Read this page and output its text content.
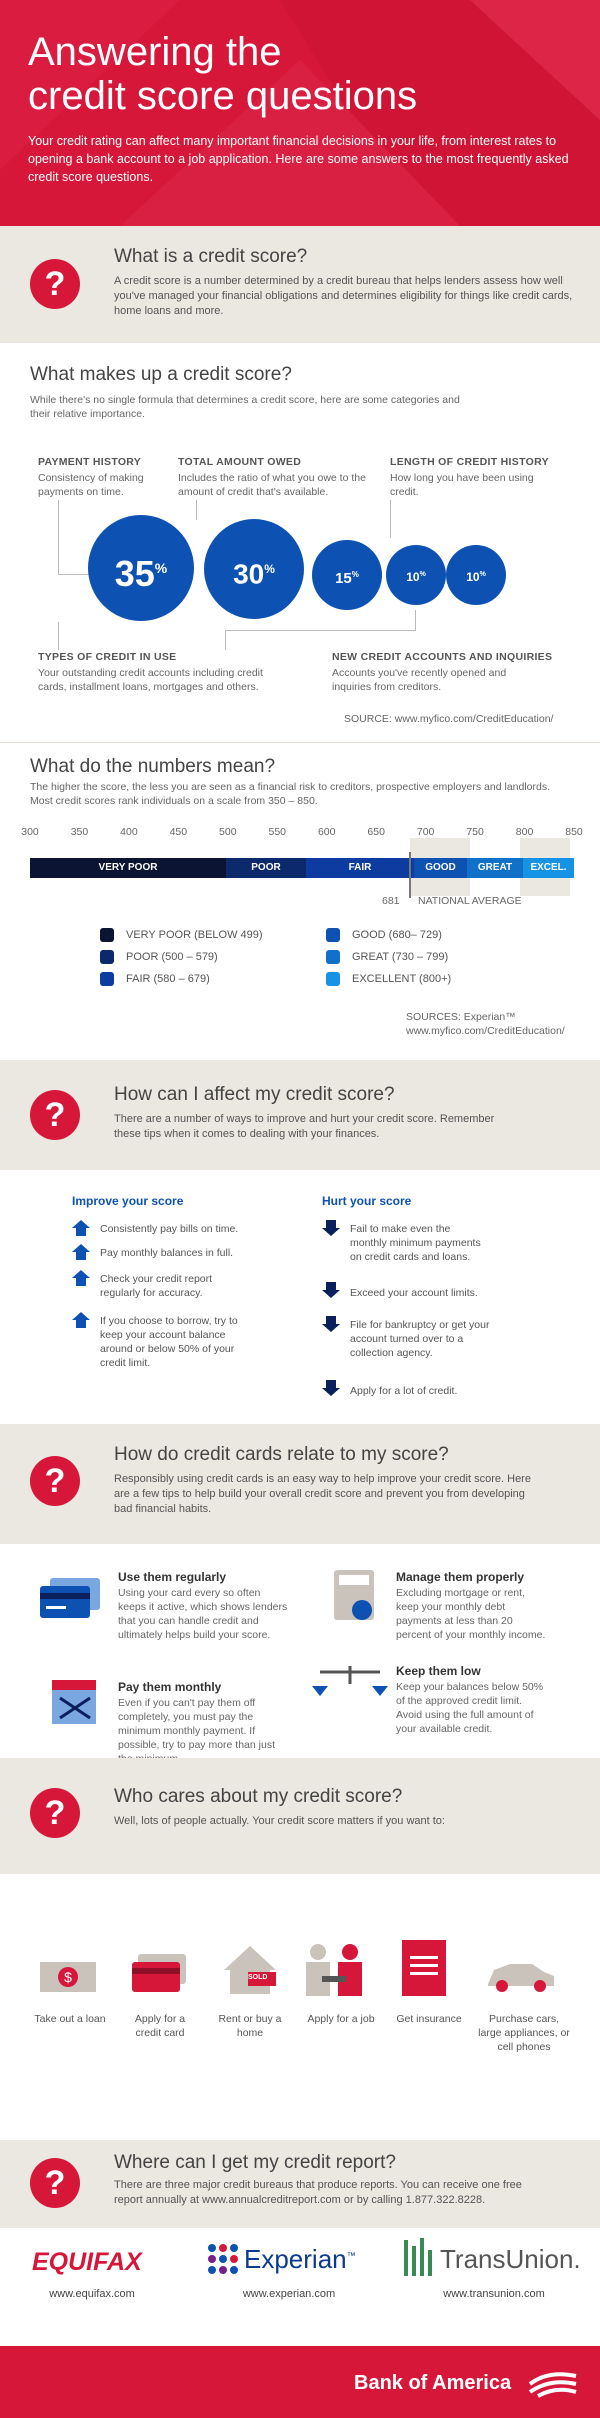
Answering the
credit score questions

Your credit rating can affect many important financial decisions in your life, from interest rates to opening a bank account to a job application. Here are some answers to the most frequently asked credit score questions.

?
What is a credit score?
A credit score is a number determined by a credit bureau that helps lenders assess how well you've managed your financial obligations and determines eligibility for things like credit cards, home loans and more.
What makes up a credit score?
While there's no single formula that determines a credit score, here are some categories and their relative importance.
PAYMENT HISTORY
Consistency of making payments on time.
TOTAL AMOUNT OWED
Includes the ratio of what you owe to the amount of credit that's available.
LENGTH OF CREDIT HISTORY
How long you have been using credit.
35%	30%
15%	10%	10%
TYPES OF CREDIT IN USE
Your outstanding credit accounts including credit cards, installment loans, mortgages and others.
NEW CREDIT ACCOUNTS AND INQUIRIES
Accounts you've recently opened and inquiries from creditors.
SOURCE: www.myfico.com/CreditEducation/
What do the numbers mean?
The higher the score, the less you are seen as a financial risk to creditors, prospective employers and landlords. Most credit scores rank individuals on a scale from 350 – 850.
300	350	400	450	500	550	600	650	700	750	800	850
VERY POOR	POOR	FAIR	GOOD	GREAT	EXCEL.
681 NATIONAL AVERAGE
VERY POOR (BELOW 499)
POOR (500 – 579)
FAIR (580 – 679)
GOOD (680– 729)
GREAT (730 – 799)
EXCELLENT (800+)
SOURCES: Experian™
www.myfico.com/CreditEducation/
?
How can I affect my credit score?
There are a number of ways to improve and hurt your credit score. Remember these tips when it comes to dealing with your finances.
Improve your score	Hurt your score
Consistently pay bills on time.
Pay monthly balances in full.
Check your credit report regularly for accuracy.
If you choose to borrow, try to keep your account balance around or below 50% of your credit limit.
Fail to make even the monthly minimum payments on credit cards and loans.
Exceed your account limits.
File for bankruptcy or get your account turned over to a collection agency.
Apply for a lot of credit.
?
How do credit cards relate to my score?
Responsibly using credit cards is an easy way to help improve your credit score. Here are a few tips to help build your overall credit score and prevent you from developing bad financial habits.
Use them regularly
Using your card every so often keeps it active, which shows lenders that you can handle credit and ultimately helps build your score.
Pay them monthly
Even if you can't pay them off completely, you must pay the minimum monthly payment. If possible, try to pay more than just
Manage them properly
Excluding mortgage or rent, keep your monthly debt payments at less than 20 percent of your monthly income.
Keep them low
Keep your balances below 50% of the approved credit limit. Avoid using the full amount of your available credit.
?	Who cares about my credit score?
Well, lots of people actually. Your credit score matters if you want to:
$	SOLD
Take out a loan	Apply for a credit card
Rent or buy a home
Apply for a job	Get insurance	Purchase cars, large appliances, or cell phones
?
Where can I get my credit report?
There are three major credit bureaus that produce reports. You can receive one free report annually at www.annualcreditreport.com or by calling 1.877.322.8228.
EQUIFAX
www.equifax.com
Experian™
www.experian.com
TransUnion.
www.transunion.com
Bank of America
